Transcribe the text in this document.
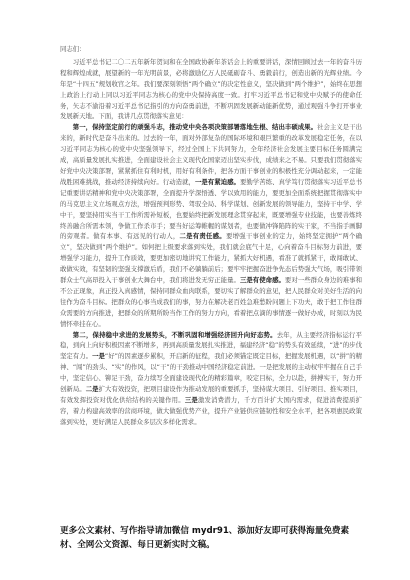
同志们：

习近平总书记二〇二五年新年贺词和在全国政协新年茶话会上的重要讲话，深情回顾过去一年的奋斗历程和辉煌成就，展望新的一年光明前景，必将激励亿万人民砥砺奋斗、勇毅前行，创造出新的光辉业绩。今年是“十四五”规划收官之年。我们要深刻领悟“两个确立”的决定性意义，坚决做到“两个维护”，始终在思想上政治上行动上同以习近平同志为核心的党中央保持高度一致。打牢习近平总书记和党中央赋予的使命任务，矢志不渝沿着习近平总书记指引的方向奋勇前进，不断巩固发展新动能新优势，通过观强斗争打开事业发展新天地。下面，我讲几点贯彻落实意见：

第一，保持坚定前行的顽强斗志，推动党中央各项决策部署落地生根、结出丰硕成果。社会主义是干出来的，新时代是奋斗出来的。过去的一年，面对外部复杂的国际环境和艰巨繁重的改革发展稳定任务，在以习近平同志为核心的党中央坚强领导下，经过全国上下共同努力，全年经济社会发展主要目标任务圆满完成，高质量发展扎实推进，全面建设社会主义现代化国家迈出坚实步伐，成绩来之不易。只要我们贯彻落实好党中央决策部署，紧紧抓住有利时机，用好有利条件，把各方面干事创业的积极性充分调动起来，一定能战胜困难挑战，推动经济持续向好。行动造就，一是有紧迫感。要勤学苦练、真学笃行贯彻落实习近平总书记重要讲话精神和党中央决策部署，全面提升学深悟透、学以致用的能力，要更加全面系统把握贯彻落实中的马克思主义立场观点方法，增强预判形势、驾驭全局、科学谋划、创新发展的领导能力，坚持干中学、学中干，要坚持用实当干工作所需补短板，也要始终把新发展理念贯穿起来，既要增强专业技能，也要善炼终终善融合所需本领，争做工作杀市手；要当好运筹帷幄的谋划者，也要做冲锋陷阵的实干家，不当指手画脚的旁观者。做有本事、有远见的行动人，二是有责任感。要增强干事创业的定力，始终坚定拥护“两个确立”，坚决做到“两个维护”。如何把上级要求落到实处，我们就会底气十足，心向着奋斗目标努力前进，要增强学习能力，提升工作质效，要更加密切地讲究工作能力，紧抓大好机遇，看准了就抓紧干，敢闯敢试、敢做实效，有坚韧的坚强支撑激后盾，我们不必躺躺前后；要牢牢把握奋进争先态后势强大气场，吸引带领群众士气高昂投入干事创业大舞台中，我们将进发无穷正能量。三是有使命感。要对一些群众身边的难事和不公正现象，真正投入真感情，保持同群众血肉联系，要切实了解群众的意见，把人民群众对美好生活的向往作为奋斗目标。把群众的心事当成我们的事，努力在解决老百姓急难愁盼问题上下功夫，敢于把工作往群众需要的方向推进，把群众的所期所盼当作工作的努力方向，看着把点滴的事情逐一做好办成，时刻以为民情怀牵挂在心。

第二，保持稳中求进的发展势头，不断巩固和增强经济回升向好态势。去年，从主要经济指标运行平稳，到向上向好积极因素不断增多，再到高质量发展扎实推进，福建经济“稳”的势头有效延续，“进”的步伐坚定有力。一是“好”的因素逐步累积，开启新的征程，我们必须锚定既定目标，把握发展机遇，以“拼”的精神、“闯”的劲头、“实”的作风，以“干”的干劲推动中国经济稳定前进。一是把发展的主动权牢牢握在自己手中，坚定信心、铆足干劲，奋力续写全面建设现代化的精彩篇章，咬定目标，全力以赴，拼搏实干，努力开创新局。二是扩大有效投资，把项目建设作为推动发展的重要抓手，坚持谋大项目、引好项目、推实项目，有效发挥投资对优化供给结构的关键作用。三是激发消费潜力，千方百计扩大国内需求，促进消费提质扩容，着力构建高效率的营商环境，做大做强优势产业，提升产业链供应链韧性和安全水平，把各项惠民政策落到实处，更好满足人民群众多层次多样化需求。

更多公文素材、写作指导请加微信 mydr91、添加好友即可获得海量免费素材、全网公文资源、每日更新实时文稿。
